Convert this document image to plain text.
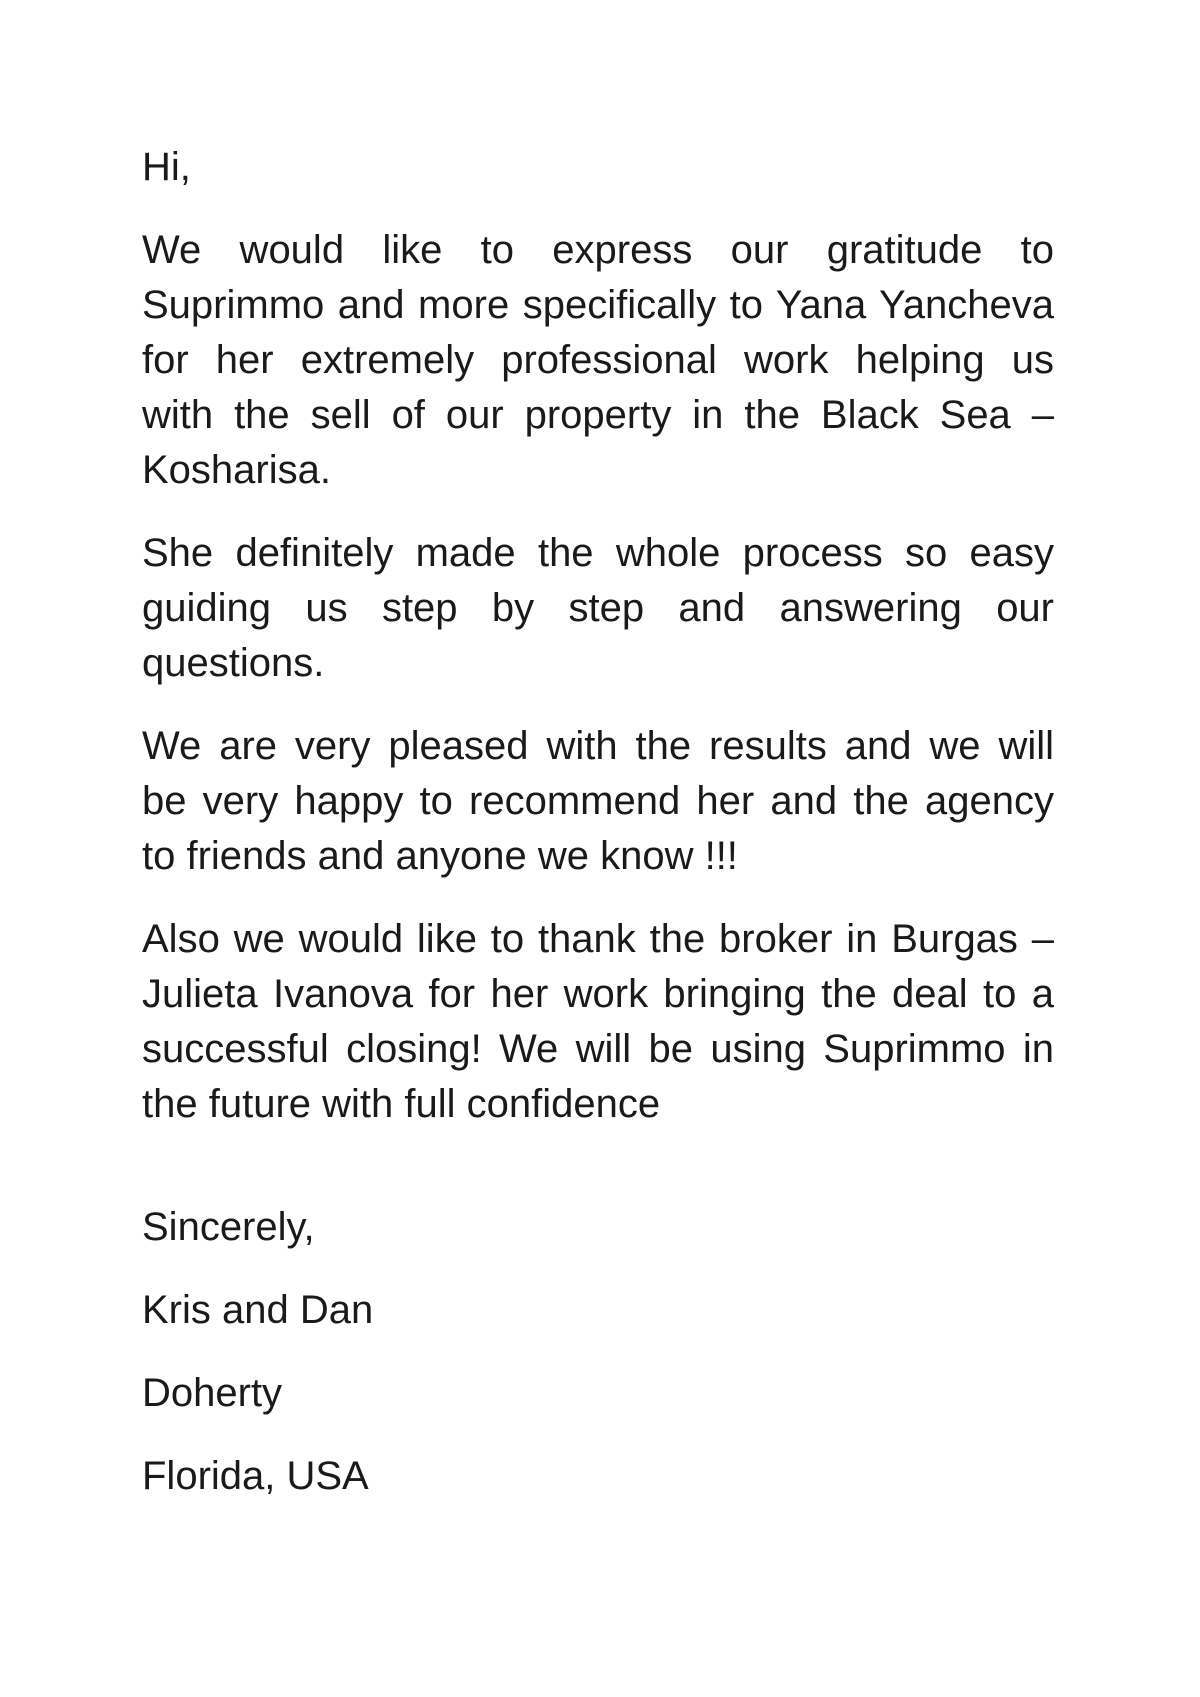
Hi,
We would like to express our gratitude to
Suprimmo and more specifically to Yana Yancheva
for her extremely professional work helping us
with the sell of our property in the Black Sea –
Kosharisa.
She definitely made the whole process so easy
guiding us step by step and answering our
questions.
We are very pleased with the results and we will
be very happy to recommend her and the agency
to friends and anyone we know !!!
Also we would like to thank the broker in Burgas –
Julieta Ivanova for her work bringing the deal to a
successful closing! We will be using Suprimmo in
the future with full confidence
Sincerely,
Kris and Dan
Doherty
Florida, USA
